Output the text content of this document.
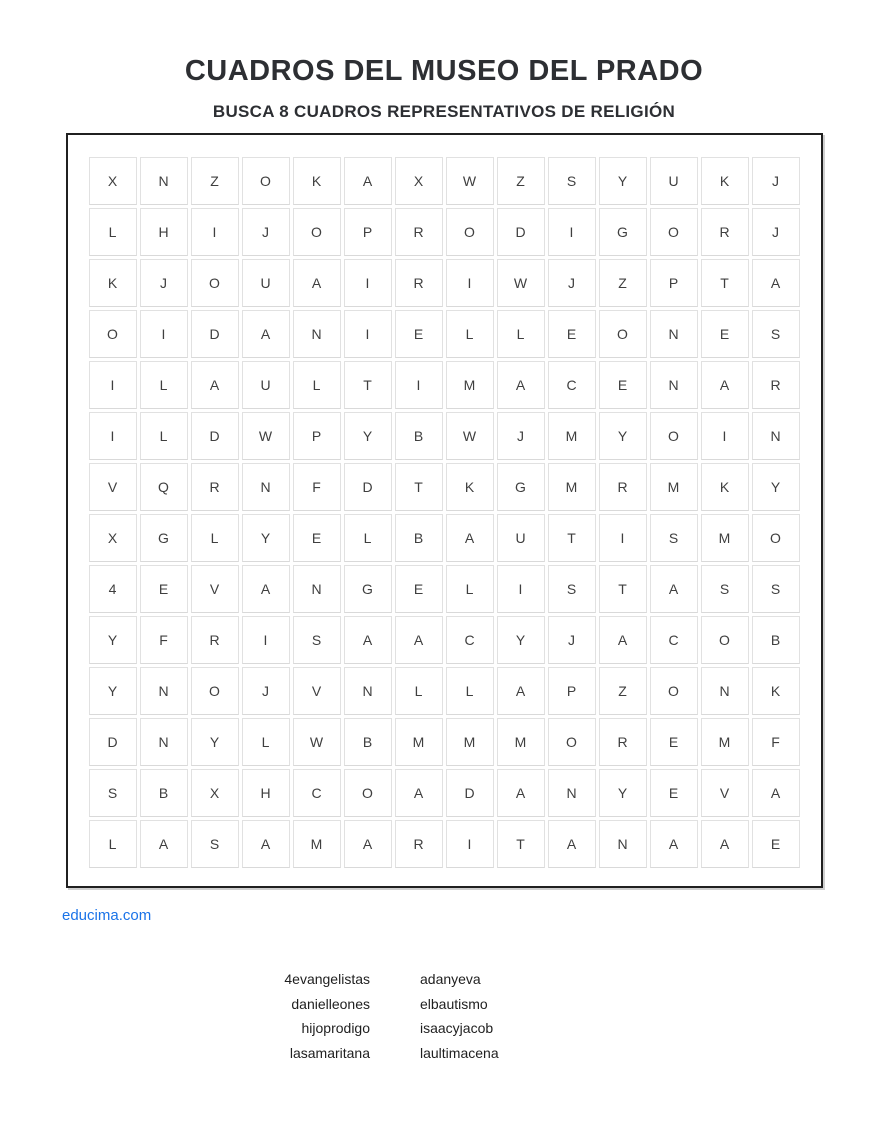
CUADROS DEL MUSEO DEL PRADO
BUSCA 8 CUADROS REPRESENTATIVOS DE RELIGIÓN
X	N	Z	O	K	A	X	W	Z	S	Y	U	K	J
L	H	I	J	O	P	R	O	D	I	G	O	R	J
K	J	O	U	A	I	R	I	W	J	Z	P	T	A
O	I	D	A	N	I	E	L	L	E	O	N	E	S
I	L	A	U	L	T	I	M	A	C	E	N	A	R
I	L	D	W	P	Y	B	W	J	M	Y	O	I	N
V	Q	R	N	F	D	T	K	G	M	R	M	K	Y
X	G	L	Y	E	L	B	A	U	T	I	S	M	O
4	E	V	A	N	G	E	L	I	S	T	A	S	S
Y	F	R	I	S	A	A	C	Y	J	A	C	O	B
Y	N	O	J	V	N	L	L	A	P	Z	O	N	K
D	N	Y	L	W	B	M	M	M	O	R	E	M	F
S	B	X	H	C	O	A	D	A	N	Y	E	V	A
L	A	S	A	M	A	R	I	T	A	N	A	A	E
educima.com
4evangelistas
danielleones
hijoprodigo
lasamaritana
adanyeva
elbautismo
isaacyjacob
laultimacena
